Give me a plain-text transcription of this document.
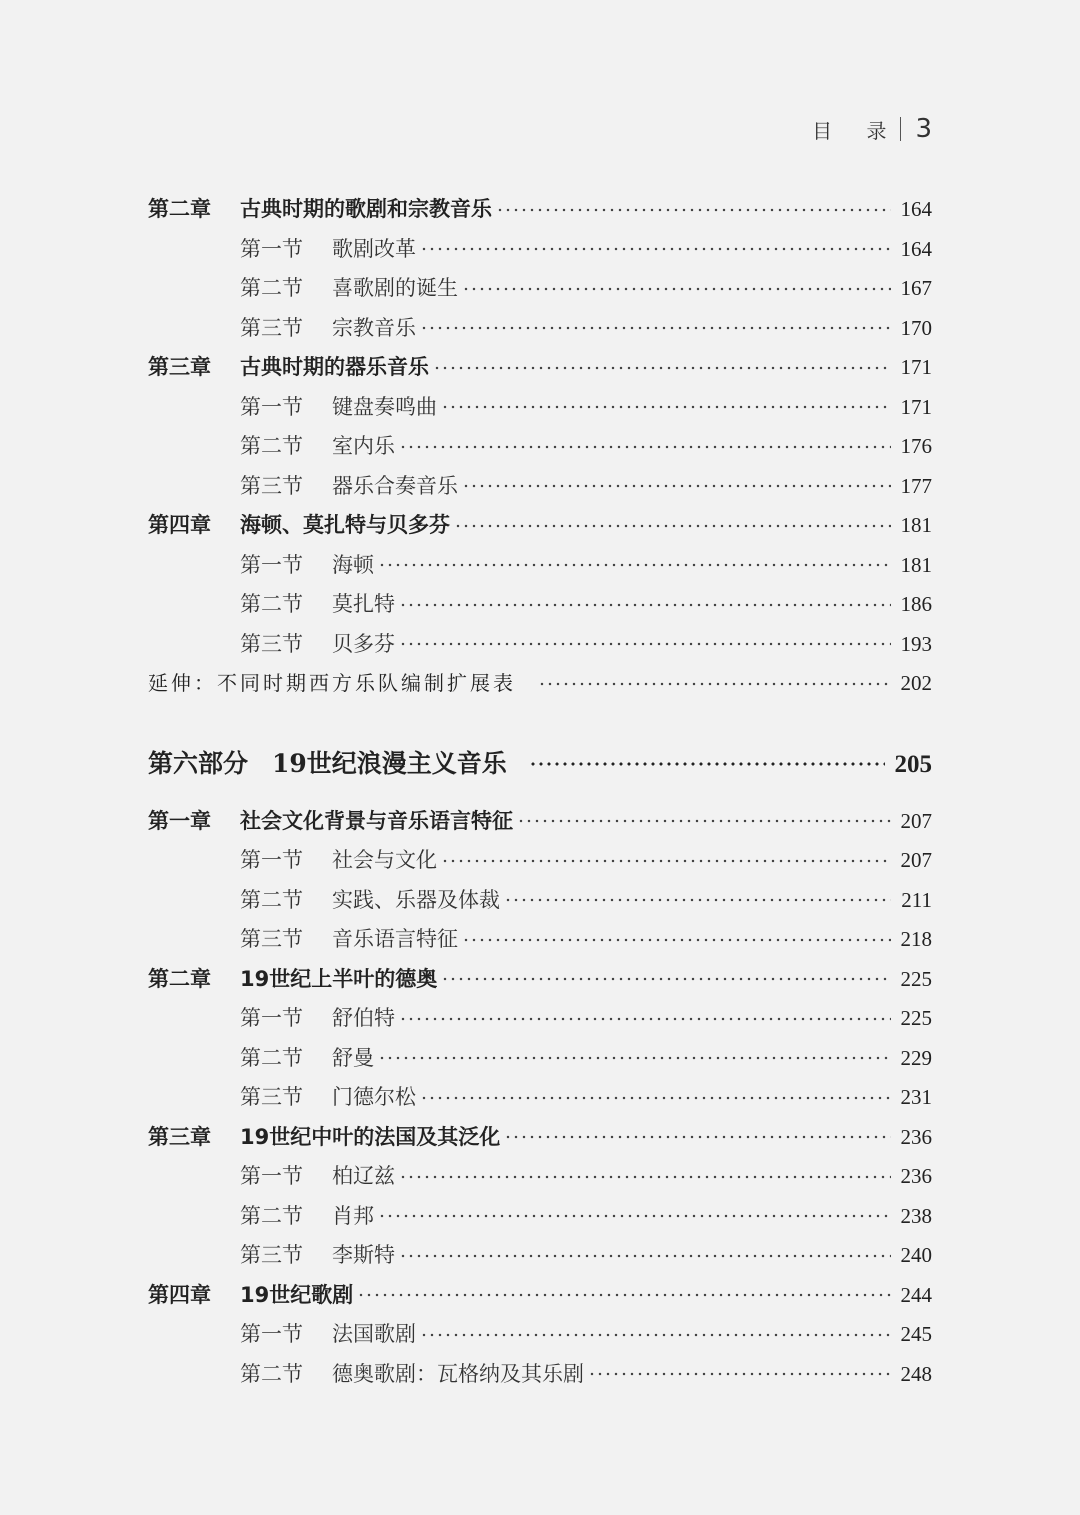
目 录 3
第二章	古典时期的歌剧和宗教音乐	164
第一节	歌剧改革	164
第二节	喜歌剧的诞生	167
第三节	宗教音乐	170
第三章	古典时期的器乐音乐	171
第一节	键盘奏鸣曲	171
第二节	室内乐	176
第三节	器乐合奏音乐	177
第四章	海顿、莫扎特与贝多芬	181
第一节	海顿	181
第二节	莫扎特	186
第三节	贝多芬	193
延伸：不同时期西方乐队编制扩展表	202
第六部分 19世纪浪漫主义音乐	205
第一章	社会文化背景与音乐语言特征	207
第一节	社会与文化	207
第二节	实践、乐器及体裁	211
第三节	音乐语言特征	218
第二章	19世纪上半叶的德奥	225
第一节	舒伯特	225
第二节	舒曼	229
第三节	门德尔松	231
第三章	19世纪中叶的法国及其泛化	236
第一节	柏辽兹	236
第二节	肖邦	238
第三节	李斯特	240
第四章	19世纪歌剧	244
第一节	法国歌剧	245
第二节	德奥歌剧：瓦格纳及其乐剧	248
